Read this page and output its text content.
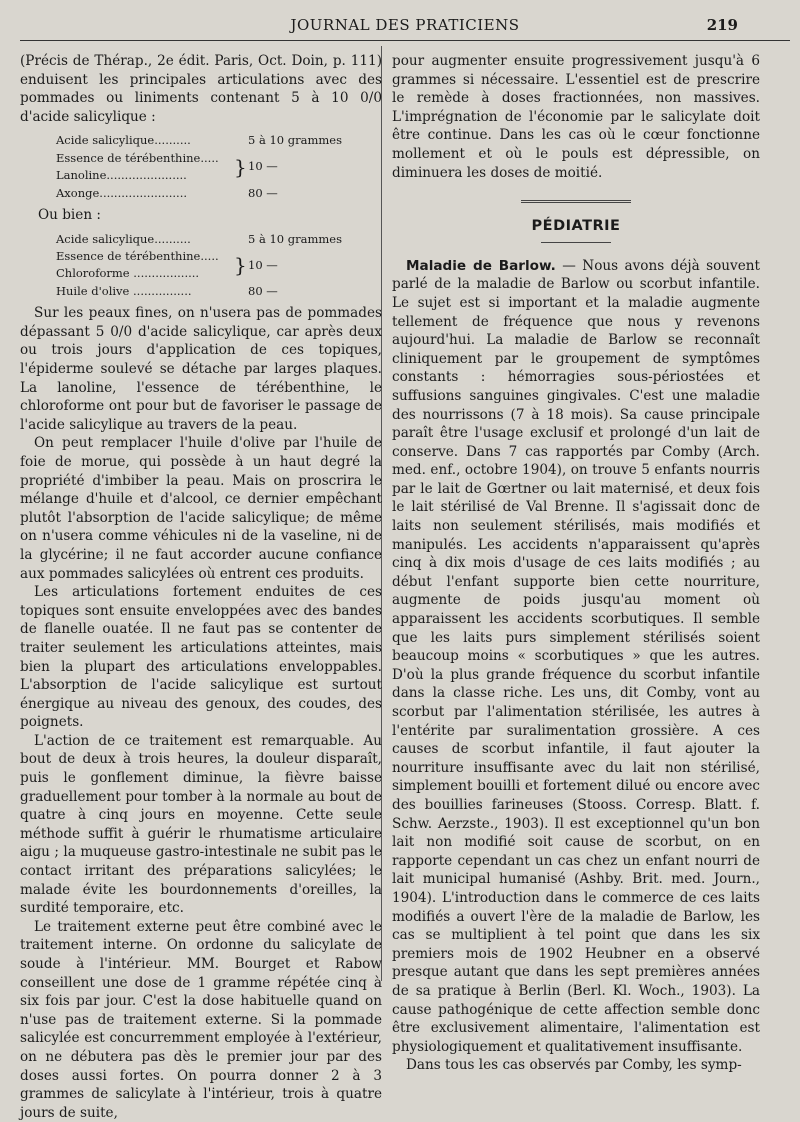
JOURNAL DES PRATICIENS	219

(Précis de Thérap., 2e édit. Paris, Oct. Doin, p. 111) enduisent les principales articulations avec des pommades ou liniments contenant 5 à 10 0/0 d'acide salicylique :

Acide salicylique..........		5 à 10 grammes
Essence de térébenthine.....	}	10 —
Lanoline......................		
Axonge........................		80 —
Ou bien :
Acide salicylique..........		5 à 10 grammes
Essence de térébenthine.....	}	10 —
Chloroforme ..................		
Huile d'olive ................		80 —

Sur les peaux fines, on n'usera pas de pommades dépassant 5 0/0 d'acide salicylique, car après deux ou trois jours d'application de ces topiques, l'épiderme soulevé se détache par larges plaques. La lanoline, l'essence de térébenthine, le chloroforme ont pour but de favoriser le passage de l'acide salicylique au travers de la peau.

On peut remplacer l'huile d'olive par l'huile de foie de morue, qui possède à un haut degré la propriété d'imbiber la peau. Mais on proscrira le mélange d'huile et d'alcool, ce dernier empêchant plutôt l'absorption de l'acide salicylique; de même on n'usera comme véhicules ni de la vaseline, ni de la glycérine; il ne faut accorder aucune confiance aux pommades salicylées où entrent ces produits.

Les articulations fortement enduites de ces topiques sont ensuite enveloppées avec des bandes de flanelle ouatée. Il ne faut pas se contenter de traiter seulement les articulations atteintes, mais bien la plupart des articulations enveloppables. L'absorption de l'acide salicylique est surtout énergique au niveau des genoux, des coudes, des poignets.

L'action de ce traitement est remarquable. Au bout de deux à trois heures, la douleur disparaît, puis le gonflement diminue, la fièvre baisse graduellement pour tomber à la normale au bout de quatre à cinq jours en moyenne. Cette seule méthode suffit à guérir le rhumatisme articulaire aigu ; la muqueuse gastro-intestinale ne subit pas le contact irritant des préparations salicylées; le malade évite les bourdonnements d'oreilles, la surdité temporaire, etc.

Le traitement externe peut être combiné avec le traitement interne. On ordonne du salicylate de soude à l'intérieur. MM. Bourget et Rabow conseillent une dose de 1 gramme répétée cinq à six fois par jour. C'est la dose habituelle quand on n'use pas de traitement externe. Si la pommade salicylée est concurremment employée à l'extérieur, on ne débutera pas dès le premier jour par des doses aussi fortes. On pourra donner 2 à 3 grammes de salicylate à l'intérieur, trois à quatre jours de suite,

pour augmenter ensuite progressivement jusqu'à 6 grammes si nécessaire. L'essentiel est de prescrire le remède à doses fractionnées, non massives. L'imprégnation de l'économie par le salicylate doit être continue. Dans les cas où le cœur fonctionne mollement et où le pouls est dépressible, on diminuera les doses de moitié.

PÉDIATRIE

Maladie de Barlow. — Nous avons déjà souvent parlé de la maladie de Barlow ou scorbut infantile. Le sujet est si important et la maladie augmente tellement de fréquence que nous y revenons aujourd'hui. La maladie de Barlow se reconnaît cliniquement par le groupement de symptômes constants : hémorragies sous-périostées et suffusions sanguines gingivales. C'est une maladie des nourrissons (7 à 18 mois). Sa cause principale paraît être l'usage exclusif et prolongé d'un lait de conserve. Dans 7 cas rapportés par Comby (Arch. med. enf., octobre 1904), on trouve 5 enfants nourris par le lait de Gœrtner ou lait maternisé, et deux fois le lait stérilisé de Val Brenne. Il s'agissait donc de laits non seulement stérilisés, mais modifiés et manipulés. Les accidents n'apparaissent qu'après cinq à dix mois d'usage de ces laits modifiés ; au début l'enfant supporte bien cette nourriture, augmente de poids jusqu'au moment où apparaissent les accidents scorbutiques. Il semble que les laits purs simplement stérilisés soient beaucoup moins « scorbutiques » que les autres. D'où la plus grande fréquence du scorbut infantile dans la classe riche. Les uns, dit Comby, vont au scorbut par l'alimentation stérilisée, les autres à l'entérite par suralimentation grossière. A ces causes de scorbut infantile, il faut ajouter la nourriture insuffisante avec du lait non stérilisé, simplement bouilli et fortement dilué ou encore avec des bouillies farineuses (Stooss. Corresp. Blatt. f. Schw. Aerzste., 1903). Il est exceptionnel qu'un bon lait non modifié soit cause de scorbut, on en rapporte cependant un cas chez un enfant nourri de lait municipal humanisé (Ashby. Brit. med. Journ., 1904). L'introduction dans le commerce de ces laits modifiés a ouvert l'ère de la maladie de Barlow, les cas se multiplient à tel point que dans les six premiers mois de 1902 Heubner en a observé presque autant que dans les sept premières années de sa pratique à Berlin (Berl. Kl. Woch., 1903). La cause pathogénique de cette affection semble donc être exclusivement alimentaire, l'alimentation est physiologiquement et qualitativement insuffisante.

Dans tous les cas observés par Comby, les symp-
